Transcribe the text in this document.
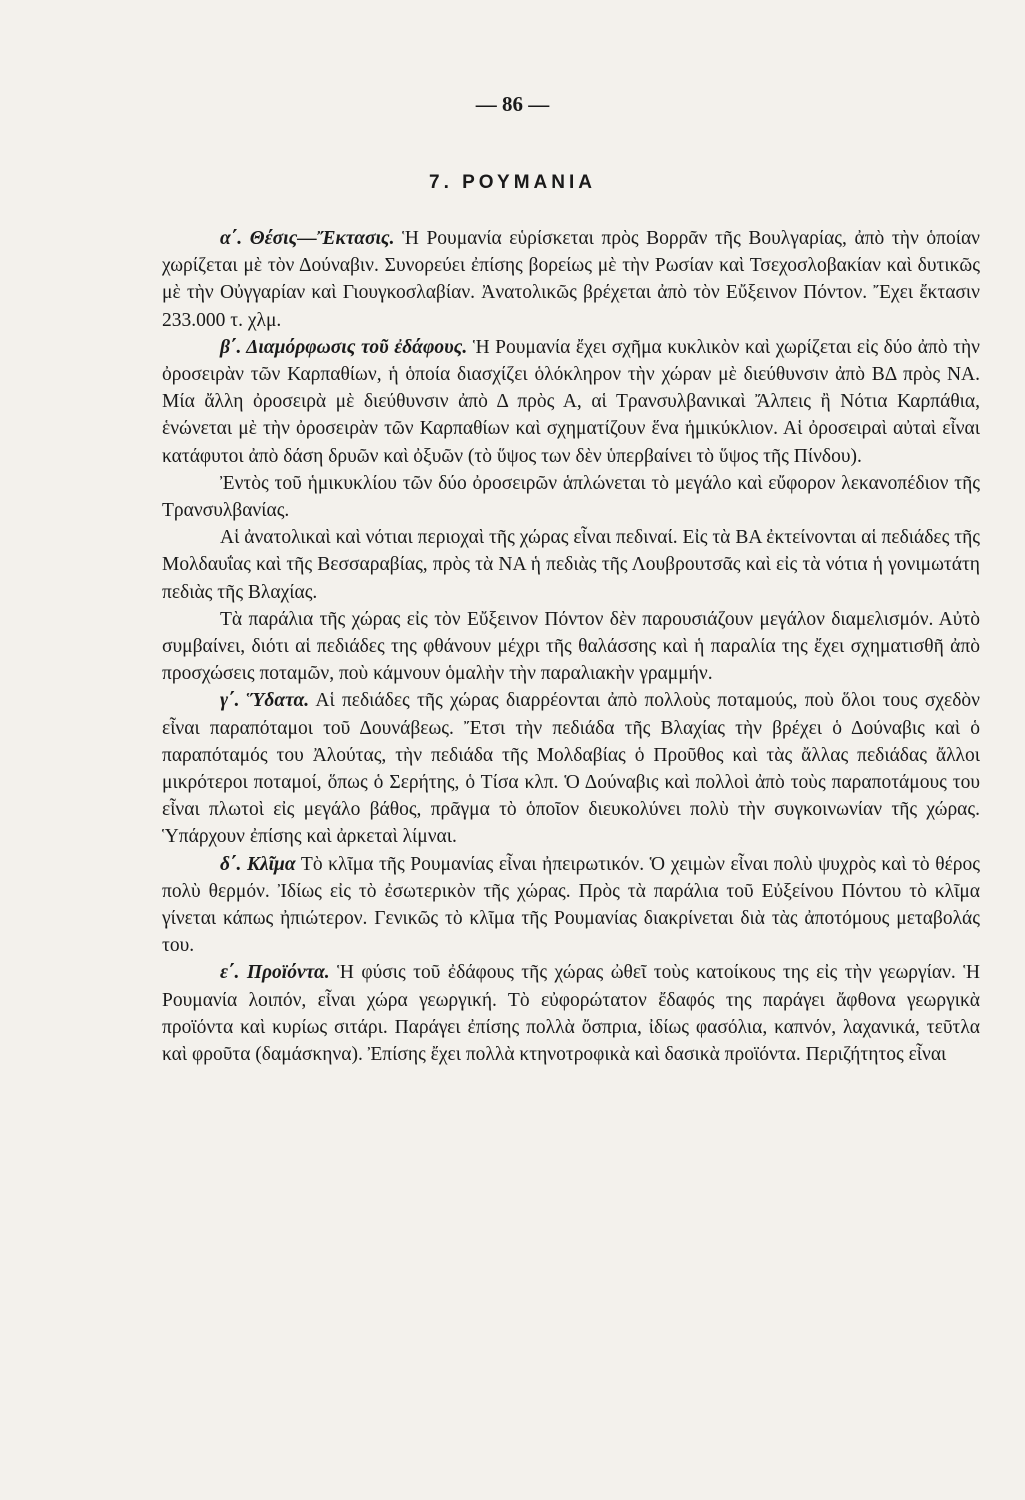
— 86 —
7. ΡΟΥΜΑΝΙΑ

α΄. Θέσις—Ἔκτασις. Ἡ Ρουμανία εὑρίσκεται πρὸς Βορρᾶν τῆς Βουλγαρίας, ἀπὸ τὴν ὁποίαν χωρίζεται μὲ τὸν Δούναβιν. Συνορεύει ἐπίσης βορείως μὲ τὴν Ρωσίαν καὶ Τσεχοσλοβακίαν καὶ δυτικῶς μὲ τὴν Οὐγγαρίαν καὶ Γιουγκοσλαβίαν. Ἀνατολικῶς βρέχεται ἀπὸ τὸν Εὔξεινον Πόντον. Ἔχει ἔκτασιν 233.000 τ. χλμ.

β΄. Διαμόρφωσις τοῦ ἐδάφους. Ἡ Ρουμανία ἔχει σχῆμα κυκλικὸν καὶ χωρίζεται εἰς δύο ἀπὸ τὴν ὀροσειρὰν τῶν Καρπαθίων, ἡ ὁποία διασχίζει ὁλόκληρον τὴν χώραν μὲ διεύθυνσιν ἀπὸ ΒΔ πρὸς ΝΑ. Μία ἄλλη ὀροσειρὰ μὲ διεύθυνσιν ἀπὸ Δ πρὸς Α, αἱ Τρανσυλβανικαὶ Ἄλπεις ἢ Νότια Καρπάθια, ἑνώνεται μὲ τὴν ὀροσειρὰν τῶν Καρπαθίων καὶ σχηματίζουν ἕνα ἡμικύκλιον. Αἱ ὀροσειραὶ αὐταὶ εἶναι κατάφυτοι ἀπὸ δάση δρυῶν καὶ ὀξυῶν (τὸ ὕψος των δὲν ὑπερβαίνει τὸ ὕψος τῆς Πίνδου).

Ἐντὸς τοῦ ἡμικυκλίου τῶν δύο ὀροσειρῶν ἁπλώνεται τὸ μεγάλο καὶ εὔφορον λεκανοπέδιον τῆς Τρανσυλβανίας.

Αἱ ἀνατολικαὶ καὶ νότιαι περιοχαὶ τῆς χώρας εἶναι πεδιναί. Εἰς τὰ ΒΑ ἐκτείνονται αἱ πεδιάδες τῆς Μολδαυΐας καὶ τῆς Βεσσαραβίας, πρὸς τὰ ΝΑ ἡ πεδιὰς τῆς Λουβρουτσᾶς καὶ εἰς τὰ νότια ἡ γονιμωτάτη πεδιὰς τῆς Βλαχίας.

Τὰ παράλια τῆς χώρας εἰς τὸν Εὔξεινον Πόντον δὲν παρουσιάζουν μεγάλον διαμελισμόν. Αὐτὸ συμβαίνει, διότι αἱ πεδιάδες της φθάνουν μέχρι τῆς θαλάσσης καὶ ἡ παραλία της ἔχει σχηματισθῆ ἀπὸ προσχώσεις ποταμῶν, ποὺ κάμνουν ὁμαλὴν τὴν παραλιακὴν γραμμήν.

γ΄. Ὕδατα. Αἱ πεδιάδες τῆς χώρας διαρρέονται ἀπὸ πολλοὺς ποταμούς, ποὺ ὅλοι τους σχεδὸν εἶναι παραπόταμοι τοῦ Δουνάβεως. Ἔτσι τὴν πεδιάδα τῆς Βλαχίας τὴν βρέχει ὁ Δούναβις καὶ ὁ παραπόταμός του Ἀλούτας, τὴν πεδιάδα τῆς Μολδαβίας ὁ Προῦθος καὶ τὰς ἄλλας πεδιάδας ἄλλοι μικρότεροι ποταμοί, ὅπως ὁ Σερήτης, ὁ Τίσα κλπ. Ὁ Δούναβις καὶ πολλοὶ ἀπὸ τοὺς παραποτάμους του εἶναι πλωτοὶ εἰς μεγάλο βάθος, πρᾶγμα τὸ ὁποῖον διευκολύνει πολὺ τὴν συγκοινωνίαν τῆς χώρας. Ὑπάρχουν ἐπίσης καὶ ἀρκεταὶ λίμναι.

δ΄. Κλῖμα Τὸ κλῖμα τῆς Ρουμανίας εἶναι ἠπειρωτικόν. Ὁ χειμὼν εἶναι πολὺ ψυχρὸς καὶ τὸ θέρος πολὺ θερμόν. Ἰδίως εἰς τὸ ἐσωτερικὸν τῆς χώρας. Πρὸς τὰ παράλια τοῦ Εὐξείνου Πόντου τὸ κλῖμα γίνεται κάπως ἠπιώτερον. Γενικῶς τὸ κλῖμα τῆς Ρουμανίας διακρίνεται διὰ τὰς ἀποτόμους μεταβολάς του.

ε΄. Προϊόντα. Ἡ φύσις τοῦ ἐδάφους τῆς χώρας ὠθεῖ τοὺς κατοίκους της εἰς τὴν γεωργίαν. Ἡ Ρουμανία λοιπόν, εἶναι χώρα γεωργική. Τὸ εὐφορώτατον ἔδαφός της παράγει ἄφθονα γεωργικὰ προϊόντα καὶ κυρίως σιτάρι. Παράγει ἐπίσης πολλὰ ὄσπρια, ἰδίως φασόλια, καπνόν, λαχανικά, τεῦτλα καὶ φροῦτα (δαμάσκηνα). Ἐπίσης ἔχει πολλὰ κτηνοτροφικὰ καὶ δασικὰ προϊόντα. Περιζήτητος εἶναι
